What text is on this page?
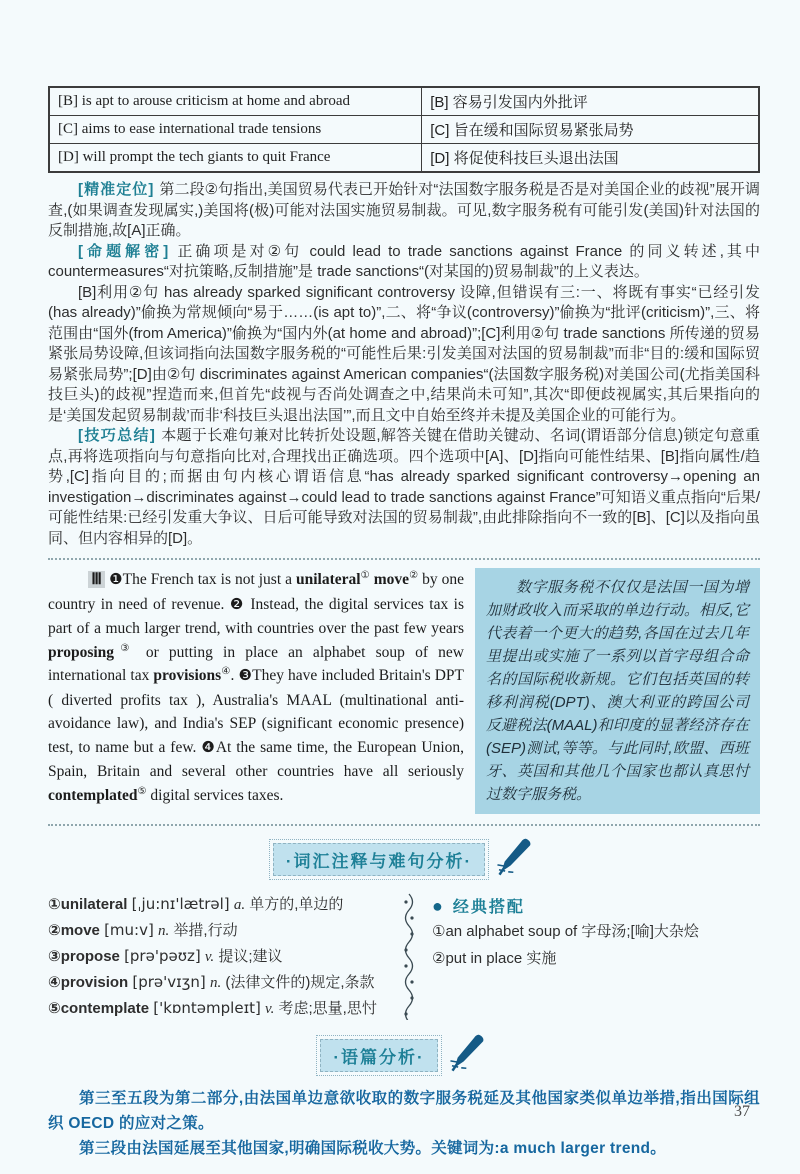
[B] is apt to arouse criticism at home and abroad	[B] 容易引发国内外批评
[C] aims to ease international trade tensions	[C] 旨在缓和国际贸易紧张局势
[D] will prompt the tech giants to quit France	[D] 将促使科技巨头退出法国

[精准定位] 第二段②句指出,美国贸易代表已开始针对“法国数字服务税是否是对美国企业的歧视”展开调查,(如果调查发现属实,)美国将(极)可能对法国实施贸易制裁。可见,数字服务税有可能引发(美国)针对法国的反制措施,故[A]正确。

[命题解密] 正确项是对②句 could lead to trade sanctions against France 的同义转述,其中 countermeasures“对抗策略,反制措施”是 trade sanctions“(对某国的)贸易制裁”的上义表达。

[B]利用②句 has already sparked significant controversy 设障,但错误有三:一、将既有事实“已经引发(has already)”偷换为常规倾向“易于……(is apt to)”,二、将“争议(controversy)”偷换为“批评(criticism)”,三、将范围由“国外(from America)”偷换为“国内外(at home and abroad)”;[C]利用②句 trade sanctions 所传递的贸易紧张局势设障,但该词指向法国数字服务税的“可能性后果:引发美国对法国的贸易制裁”而非“目的:缓和国际贸易紧张局势”;[D]由②句 discriminates against American companies“(法国数字服务税)对美国公司(尤指美国科技巨头)的歧视”捏造而来,但首先“歧视与否尚处调查之中,结果尚未可知”,其次“即便歧视属实,其后果指向的是‘美国发起贸易制裁’而非‘科技巨头退出法国’”,而且文中自始至终并未提及美国企业的可能行为。

[技巧总结] 本题于长难句兼对比转折处设题,解答关键在借助关键动、名词(谓语部分信息)锁定句意重点,再将选项指向与句意指向比对,合理找出正确选项。四个选项中[A]、[D]指向可能性结果、[B]指向属性/趋势,[C]指向目的;而据由句内核心谓语信息“has already sparked significant controversy→opening an investigation→discriminates against→could lead to trade sanctions against France”可知语义重点指向“后果/可能性结果:已经引发重大争议、日后可能导致对法国的贸易制裁”,由此排除指向不一致的[B]、[C]以及指向虽同、但内容相异的[D]。

Ⅲ ❶The French tax is not just a unilateral① move② by one country in need of revenue. ❷ Instead, the digital services tax is part of a much larger trend, with countries over the past few years proposing③ or putting in place an alphabet soup of new international tax provisions④. ❸They have included Britain's DPT ( diverted profits tax ), Australia's MAAL (multinational anti-avoidance law), and India's SEP (significant economic presence) test, to name but a few. ❹At the same time, the European Union, Spain, Britain and several other countries have all seriously contemplated⑤ digital services taxes.

数字服务税不仅仅是法国一国为增加财政收入而采取的单边行动。相反,它代表着一个更大的趋势,各国在过去几年里提出或实施了一系列以首字母组合命名的国际税收新规。它们包括英国的转移利润税(DPT)、澳大利亚的跨国公司反避税法(MAAL)和印度的显著经济存在(SEP)测试,等等。与此同时,欧盟、西班牙、英国和其他几个国家也都认真思忖过数字服务税。

·词汇注释与难句分析·
①unilateral [ˌju:nɪ'lætrəl] a. 单方的,单边的
②move [mu:v] n. 举措,行动
③propose [prə'pəʊz] v. 提议;建议
④provision [prə'vɪʒn] n. (法律文件的)规定,条款
⑤contemplate ['kɒntəmpleɪt] v. 考虑;思量,思忖
● 经典搭配
①an alphabet soup of 字母汤;[喻]大杂烩
②put in place 实施
·语篇分析·

第三至五段为第二部分,由法国单边意欲收取的数字服务税延及其他国家类似单边举措,指出国际组织 OECD 的应对之策。

第三段由法国延展至其他国家,明确国际税收大势。关键词为:a much larger trend。

37
